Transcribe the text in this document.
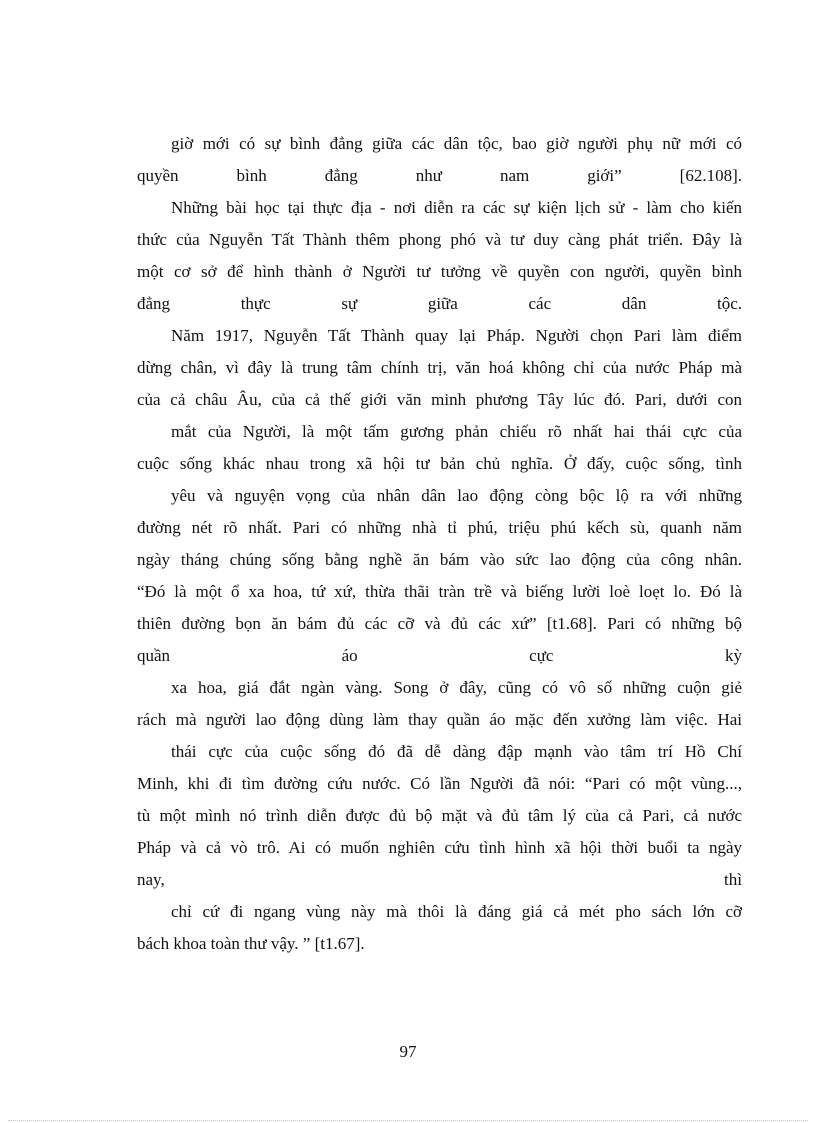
giờ mới có sự bình đẳng giữa các dân tộc, bao giờ người phụ nữ mới có
quyền bình đẳng như nam giới” [62.108].
Những bài học tại thực địa - nơi diễn ra các sự kiện lịch sử - làm cho kiến
thức của Nguyễn Tất Thành thêm phong phó và tư duy càng phát triển. Đây là
một cơ sở để hình thành ở Người tư tưởng về quyền con người, quyền bình
đẳng thực sự giữa các dân tộc.
Năm 1917, Nguyễn Tất Thành quay lại Pháp. Người chọn Pari làm điểm
dừng chân, vì đây là trung tâm chính trị, văn hoá không chỉ của nước Pháp mà
của cả châu Âu, của cả thế giới văn minh phương Tây lúc đó. Pari, dưới con
mắt của Người, là một tấm gương phản chiếu rõ nhất hai thái cực của
cuộc sống khác nhau trong xã hội tư bản chủ nghĩa. Ở đấy, cuộc sống, tình
yêu và nguyện vọng của nhân dân lao động còng bộc lộ ra với những
đường nét rõ nhất. Pari có những nhà tỉ phú, triệu phú kếch sù, quanh năm
ngày tháng chúng sống bằng nghề ăn bám vào sức lao động của công nhân.
“Đó là một ổ xa hoa, tứ xứ, thừa thãi tràn trề và biếng lười loè loẹt lo. Đó là
thiên đường bọn ăn bám đủ các cỡ và đủ các xứ” [t1.68]. Pari có những bộ
quần áo cực kỳ
xa hoa, giá đắt ngàn vàng. Song ở đây, cũng có vô số những cuộn giẻ
rách mà người lao động dùng làm thay quần áo mặc đến xưởng làm việc. Hai
thái cực của cuộc sống đó đã dễ dàng đập mạnh vào tâm trí Hồ Chí
Minh, khi đi tìm đường cứu nước. Có lần Người đã nói: “Pari có một vùng...,
tù một mình nó trình diễn được đủ bộ mặt và đủ tâm lý của cả Pari, cả nước
Pháp và cả vò trô. Ai có muốn nghiên cứu tình hình xã hội thời buổi ta ngày
nay, thì
chỉ cứ đi ngang vùng này mà thôi là đáng giá cả mét pho sách lớn cỡ
bách khoa toàn thư vậy. ” [t1.67].
97
